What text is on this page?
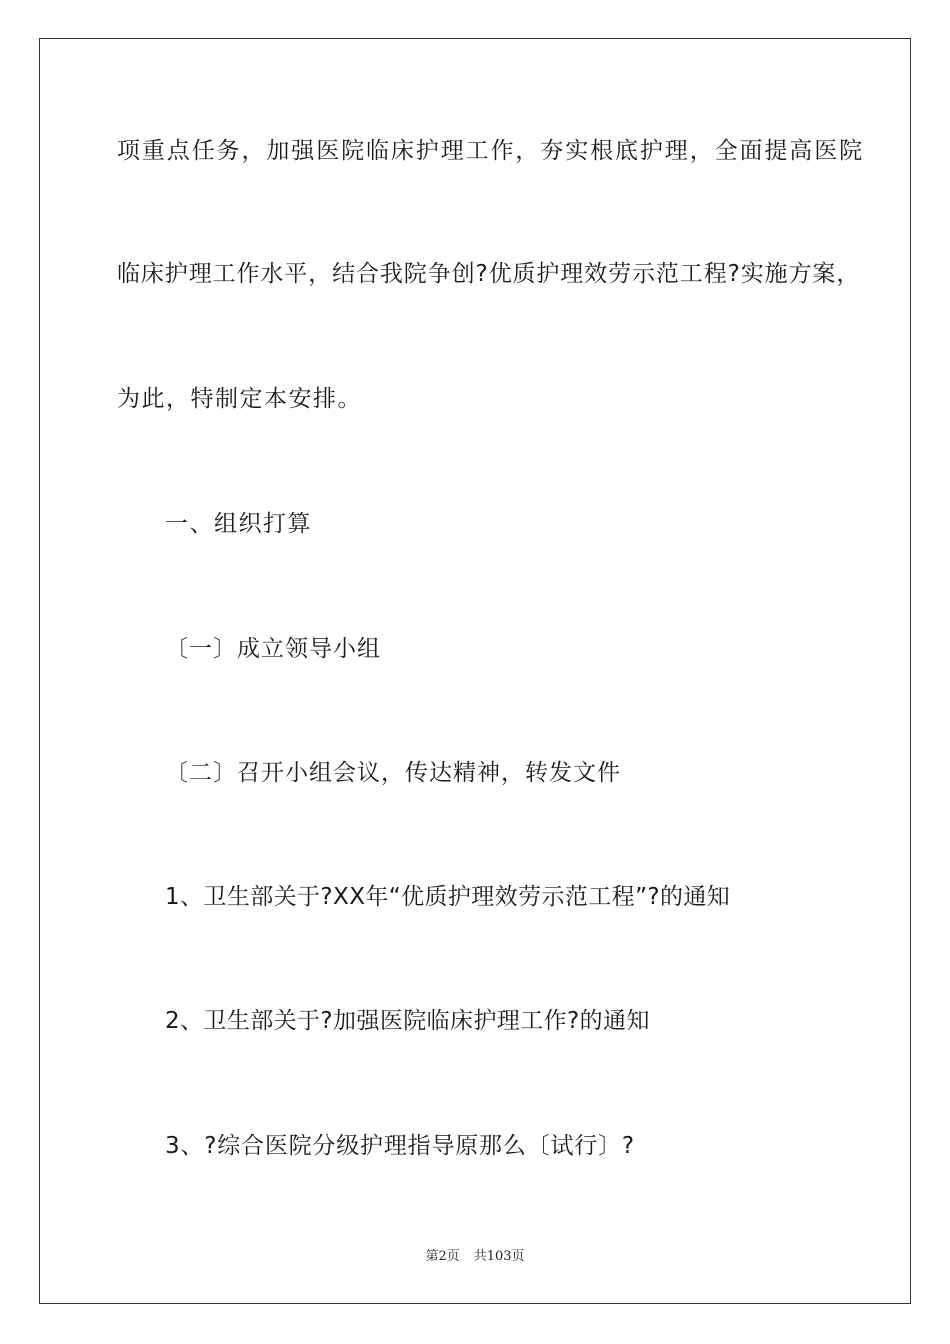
项重点任务，加强医院临床护理工作，夯实根底护理，全面提高医院
临床护理工作水平，结合我院争创?优质护理效劳示范工程?实施方案，
为此，特制定本安排。
一、组织打算
〔一〕成立领导小组
〔二〕召开小组会议，传达精神，转发文件
1、卫生部关于?XX年“优质护理效劳示范工程”?的通知
2、卫生部关于?加强医院临床护理工作?的通知
3、?综合医院分级护理指导原那么〔试行〕?
第2页 共103页
